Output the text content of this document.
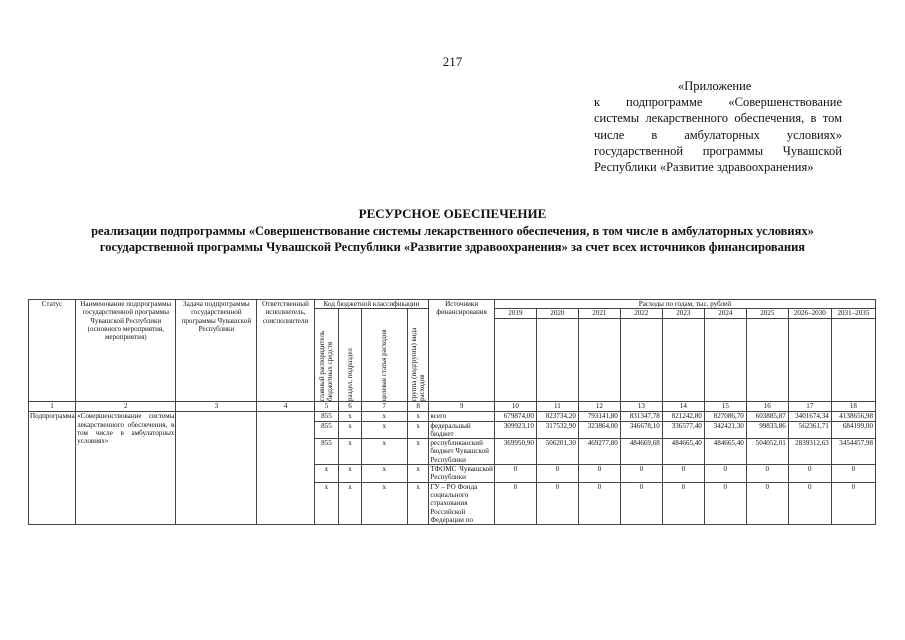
217
«Приложение
к подпрограмме «Совершенствование системы лекарственного обеспечения, в том числе в амбулаторных условиях» государственной программы Чувашской Республики «Развитие здравоохранения»
РЕСУРСНОЕ ОБЕСПЕЧЕНИЕ
реализации подпрограммы «Совершенствование системы лекарственного обеспечения, в том числе в амбулаторных условиях» государственной программы Чувашской Республики «Развитие здравоохранения» за счет всех источников финансирования
Статус	Наименование подпрограммы государственной программы Чувашской Республики (основного мероприятия, мероприятия)	Задача подпрограммы государственной программы Чувашской Республики	Ответственный исполнитель, соисполнители	Код бюджетной классификации				Источники финансирования	Расходы по годам, тыс. рублей								

				главный распорядитель бюджетных средств	раздел, подраздел	целевая статья расходов	группа (подгруппа) вида расходов		2019	2020	2021	2022	2023	2024	2025	2026–2030	2031–2035

1	2	3	4	5	6	7	8	9	10	11	12	13	14	15	16	17	18
Подпрограмма	«Совершенствование системы лекарственного обеспечения, в том числе в амбулаторных условиях»			855	x	x	x	всего	679874,00	823734,20	793141,80	831347,78	821242,80	827086,70	603885,87	3401674,34	4138656,98
				855	x	x	x	федеральный бюджет	309923,10	317532,90	323864,00	346678,10	336577,40	342421,30	99833,86	562361,71	684199,00
				855	x	x	x	республиканский бюджет Чувашской Республики	369950,90	506201,30	469277,80	484669,68	484665,40	484665,40	504052,01	2839312,63	3454457,98
				x	x	x	x	ТФОМС Чувашской Республики	0	0	0	0	0	0	0	0	0
				x	x	x	x	ГУ – РО Фонда социального страхования Российской Федерации по	0	0	0	0	0	0	0	0	0
